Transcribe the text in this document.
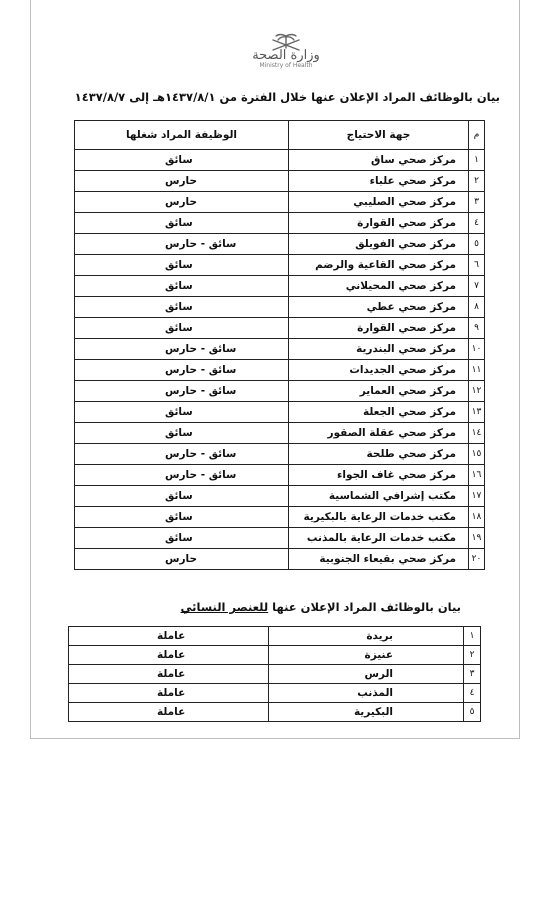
وزارة الصحة
Ministry of Health
بيان بالوظائف المراد الإعلان عنها خلال الفترة من ١٤٣٧/٨/١هـ إلى ١٤٣٧/٨/٧
م	جهة الاحتياج	الوظيفة المراد شغلها
١	مركز صحي ساق	سائق
٢	مركز صحي علباء	حارس
٣	مركز صحي الصليبي	حارس
٤	مركز صحي القوارة	سائق
٥	مركز صحي الفويلق	سائق - حارس
٦	مركز صحي القاعية والرضم	سائق
٧	مركز صحي المحيلاني	سائق
٨	مركز صحي عطي	سائق
٩	مركز صحي القوارة	سائق
١٠	مركز صحي البندرية	سائق - حارس
١١	مركز صحي الجديدات	سائق - حارس
١٢	مركز صحي العماير	سائق - حارس
١٣	مركز صحي الجعلة	سائق
١٤	مركز صحي عقلة الصقور	سائق
١٥	مركز صحي طلحة	سائق - حارس
١٦	مركز صحي غاف الجواء	سائق - حارس
١٧	مكتب إشرافي الشماسية	سائق
١٨	مكتب خدمات الرعاية بالبكيرية	سائق
١٩	مكتب خدمات الرعاية بالمذنب	سائق
٢٠	مركز صحي بقيعاء الجنوبية	حارس
بيان بالوظائف المراد الإعلان عنها للعنصر النسائي
١	بريدة	عاملة
٢	عنيزة	عاملة
٣	الرس	عاملة
٤	المذنب	عاملة
٥	البكيرية	عاملة
